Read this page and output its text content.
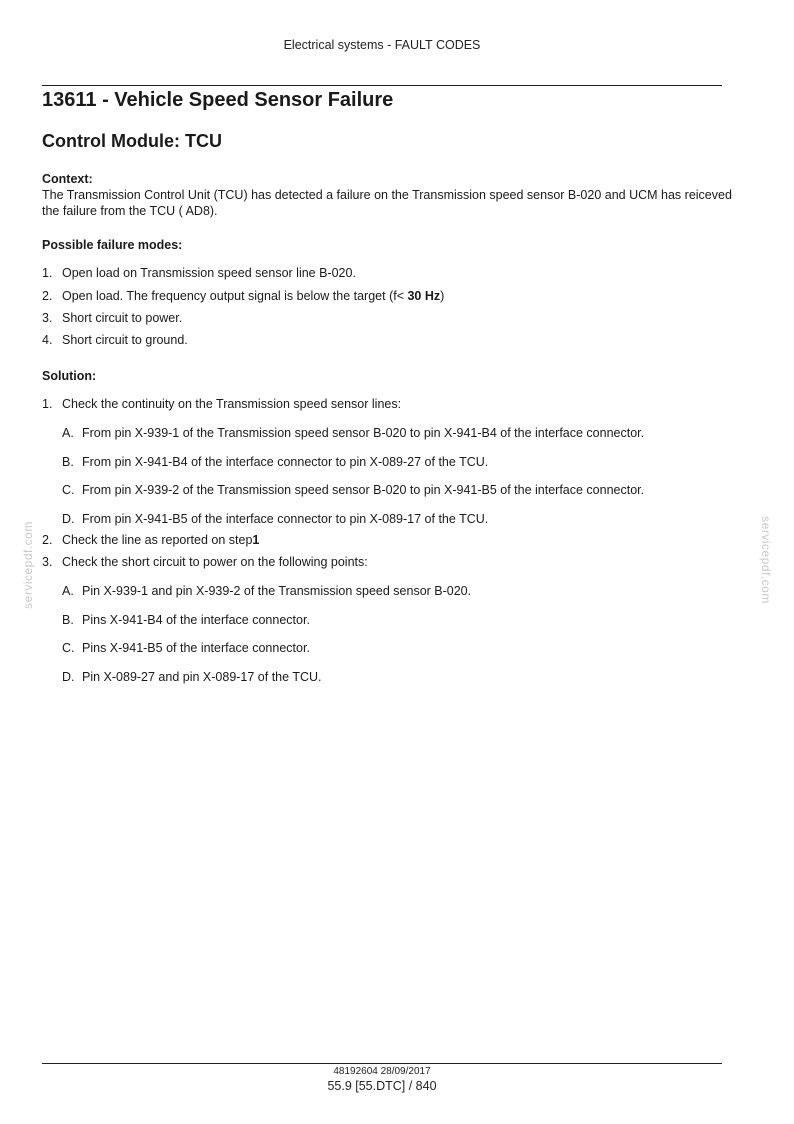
Electrical systems - FAULT CODES
13611 - Vehicle Speed Sensor Failure
Control Module: TCU
Context:
The Transmission Control Unit (TCU) has detected a failure on the Transmission speed sensor B-020 and UCM has reiceved the failure from the TCU ( AD8).
Possible failure modes:
1. Open load on Transmission speed sensor line B-020.
2. Open load. The frequency output signal is below the target (f< 30 Hz)
3. Short circuit to power.
4. Short circuit to ground.
Solution:
1. Check the continuity on the Transmission speed sensor lines:
A. From pin X-939-1 of the Transmission speed sensor B-020 to pin X-941-B4 of the interface connector.
B. From pin X-941-B4 of the interface connector to pin X-089-27 of the TCU.
C. From pin X-939-2 of the Transmission speed sensor B-020 to pin X-941-B5 of the interface connector.
D. From pin X-941-B5 of the interface connector to pin X-089-17 of the TCU.
2. Check the line as reported on step1
3. Check the short circuit to power on the following points:
A. Pin X-939-1 and pin X-939-2 of the Transmission speed sensor B-020.
B. Pins X-941-B4 of the interface connector.
C. Pins X-941-B5 of the interface connector.
D. Pin X-089-27 and pin X-089-17 of the TCU.
servicepdf.com	servicepdf.com
48192604 28/09/2017
55.9 [55.DTC] / 840
